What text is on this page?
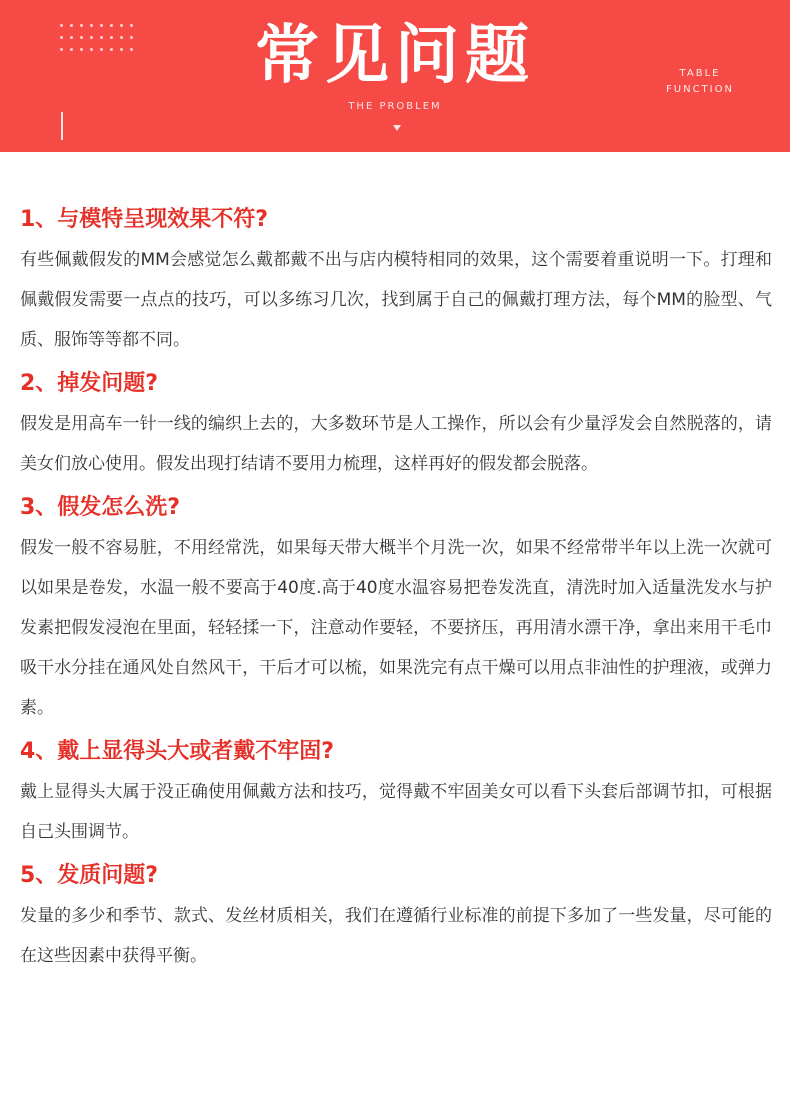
常见问题
THE PROBLEM
TABLE
FUNCTION

1、与模特呈现效果不符?

有些佩戴假发的MM会感觉怎么戴都戴不出与店内模特相同的效果，这个需要着重说明一下。打理和佩戴假发需要一点点的技巧，可以多练习几次，找到属于自己的佩戴打理方法，每个MM的脸型、气质、服饰等等都不同。

2、掉发问题?

假发是用高车一针一线的编织上去的，大多数环节是人工操作，所以会有少量浮发会自然脱落的，请美女们放心使用。假发出现打结请不要用力梳理，这样再好的假发都会脱落。

3、假发怎么洗?

假发一般不容易脏，不用经常洗，如果每天带大概半个月洗一次，如果不经常带半年以上洗一次就可以如果是卷发，水温一般不要高于40度.高于40度水温容易把卷发洗直，清洗时加入适量洗发水与护发素把假发浸泡在里面，轻轻揉一下，注意动作要轻，不要挤压，再用清水漂干净，拿出来用干毛巾吸干水分挂在通风处自然风干，干后才可以梳，如果洗完有点干燥可以用点非油性的护理液，或弹力素。

4、戴上显得头大或者戴不牢固?

戴上显得头大属于没正确使用佩戴方法和技巧，觉得戴不牢固美女可以看下头套后部调节扣，可根据自己头围调节。

5、发质问题?

发量的多少和季节、款式、发丝材质相关，我们在遵循行业标准的前提下多加了一些发量，尽可能的在这些因素中获得平衡。
